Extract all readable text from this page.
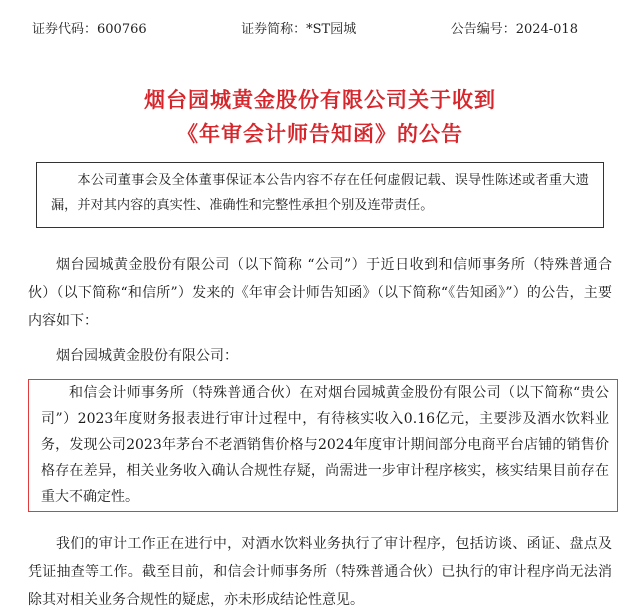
证券代码：600766	证券简称：*ST园城	公告编号：2024-018
烟台园城黄金股份有限公司关于收到
《年审会计师告知函》的公告
本公司董事会及全体董事保证本公告内容不存在任何虚假记载、误导性陈述或者重大遗漏，并对其内容的真实性、准确性和完整性承担个别及连带责任。
烟台园城黄金股份有限公司（以下简称 “公司”）于近日收到和信师事务所（特殊普通合伙）（以下简称“和信所”）发来的《年审会计师告知函》（以下简称“《告知函》”）的公告，主要内容如下：
烟台园城黄金股份有限公司：
和信会计师事务所（特殊普通合伙）在对烟台园城黄金股份有限公司（以下简称“贵公司”）2023年度财务报表进行审计过程中，有待核实收入0.16亿元，主要涉及酒水饮料业务，发现公司2023年茅台不老酒销售价格与2024年度审计期间部分电商平台店铺的销售价格存在差异，相关业务收入确认合规性存疑，尚需进一步审计程序核实，核实结果目前存在重大不确定性。
我们的审计工作正在进行中，对酒水饮料业务执行了审计程序，包括访谈、函证、盘点及凭证抽查等工作。截至目前，和信会计师事务所（特殊普通合伙）已执行的审计程序尚无法消除其对相关业务合规性的疑虑，亦未形成结论性意见。
